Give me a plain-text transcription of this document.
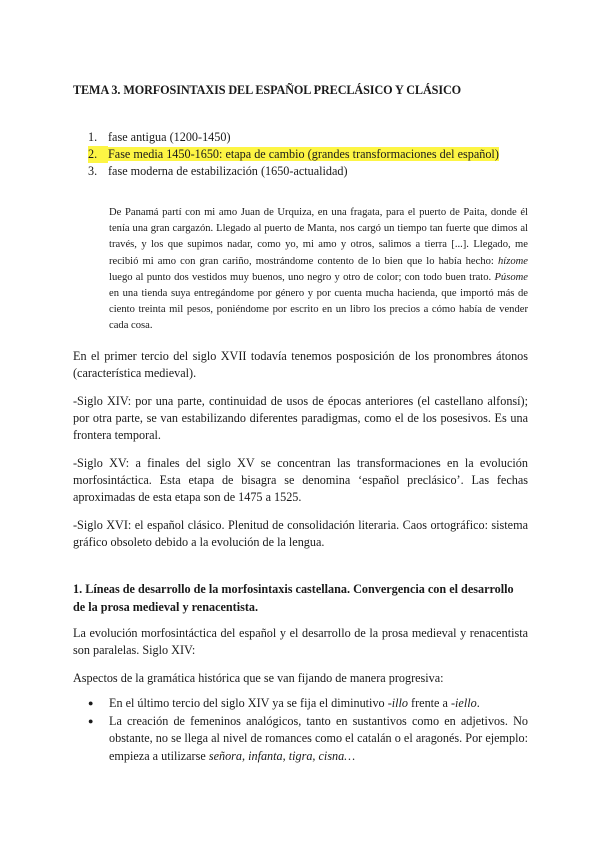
TEMA 3. MORFOSINTAXIS DEL ESPAÑOL PRECLÁSICO Y CLÁSICO
1. fase antigua (1200-1450)
2. Fase media 1450-1650: etapa de cambio (grandes transformaciones del español)
3. fase moderna de estabilización (1650-actualidad)
De Panamá partí con mi amo Juan de Urquiza, en una fragata, para el puerto de Paita, donde él tenía una gran cargazón. Llegado al puerto de Manta, nos cargó un tiempo tan fuerte que dimos al través, y los que supimos nadar, como yo, mi amo y otros, salimos a tierra [...]. Llegado, me recibió mi amo con gran cariño, mostrándome contento de lo bien que lo había hecho: hízome luego al punto dos vestidos muy buenos, uno negro y otro de color; con todo buen trato. Púsome en una tienda suya entregándome por género y por cuenta mucha hacienda, que importó más de ciento treinta mil pesos, poniéndome por escrito en un libro los precios a cómo había de vender cada cosa.
En el primer tercio del siglo XVII todavía tenemos posposición de los pronombres átonos (característica medieval).
-Siglo XIV: por una parte, continuidad de usos de épocas anteriores (el castellano alfonsí); por otra parte, se van estabilizando diferentes paradigmas, como el de los posesivos. Es una frontera temporal.
-Siglo XV: a finales del siglo XV se concentran las transformaciones en la evolución morfosintáctica. Esta etapa de bisagra se denomina ‘español preclásico’. Las fechas aproximadas de esta etapa son de 1475 a 1525.
-Siglo XVI: el español clásico. Plenitud de consolidación literaria. Caos ortográfico: sistema gráfico obsoleto debido a la evolución de la lengua.
1. Líneas de desarrollo de la morfosintaxis castellana. Convergencia con el desarrollo de la prosa medieval y renacentista.
La evolución morfosintáctica del español y el desarrollo de la prosa medieval y renacentista son paralelas. Siglo XIV:
Aspectos de la gramática histórica que se van fijando de manera progresiva:
● En el último tercio del siglo XIV ya se fija el diminutivo -illo frente a -iello.
● La creación de femeninos analógicos, tanto en sustantivos como en adjetivos. No obstante, no se llega al nivel de romances como el catalán o el aragonés. Por ejemplo: empieza a utilizarse señora, infanta, tigra, cisna…
